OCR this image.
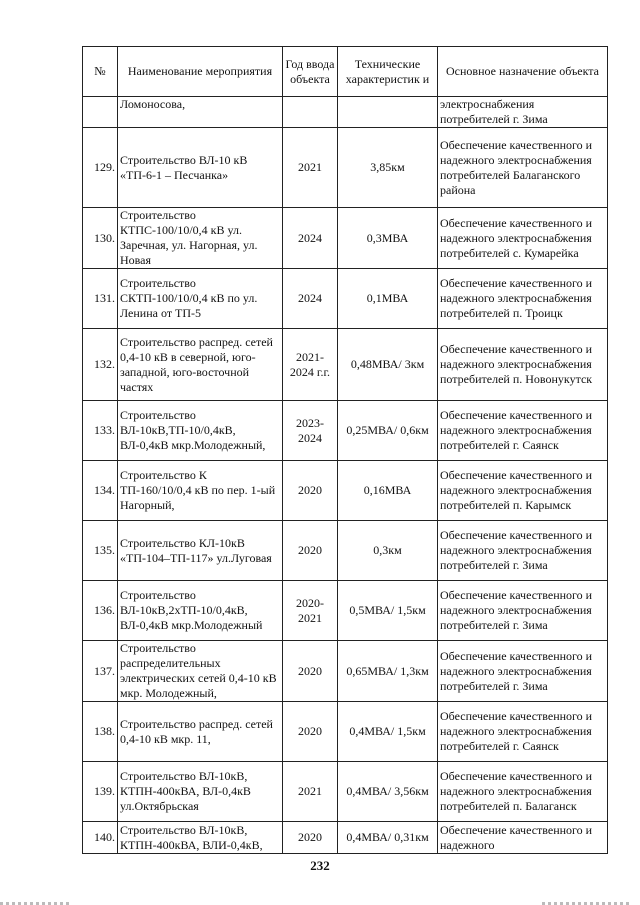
№	Наименование мероприятия	Год ввода объекта	Технические характеристик и	Основное назначение объекта
	Ломоносова,			электроснабжения потребителей г. Зима
129.	Строительство ВЛ-10 кВ «ТП-6-1 – Песчанка»	2021	3,85км	Обеспечение качественного и надежного электроснабжения потребителей Балаганского района
130.	Строительство КТПС-100/10/0,4 кВ ул. Заречная, ул. Нагорная, ул. Новая	2024	0,3МВА	Обеспечение качественного и надежного электроснабжения потребителей с. Кумарейка
131.	Строительство СКТП-100/10/0,4 кВ по ул. Ленина от ТП-5	2024	0,1МВА	Обеспечение качественного и надежного электроснабжения потребителей п. Троицк
132.	Строительство распред. сетей 0,4-10 кВ в северной, юго-западной, юго-восточной частях	2021-2024 г.г.	0,48МВА/ 3км	Обеспечение качественного и надежного электроснабжения потребителей п. Новонукутск
133.	Строительство ВЛ-10кВ,ТП-10/0,4кВ, ВЛ-0,4кВ мкр.Молодежный,	2023-2024	0,25МВА/ 0,6км	Обеспечение качественного и надежного электроснабжения потребителей г. Саянск
134.	Строительство К ТП-160/10/0,4 кВ по пер. 1-ый Нагорный,	2020	0,16МВА	Обеспечение качественного и надежного электроснабжения потребителей п. Карымск
135.	Строительство КЛ-10кВ «ТП-104–ТП-117» ул.Луговая	2020	0,3км	Обеспечение качественного и надежного электроснабжения потребителей г. Зима
136.	Строительство ВЛ-10кВ,2хТП-10/0,4кВ, ВЛ-0,4кВ мкр.Молодежный	2020-2021	0,5МВА/ 1,5км	Обеспечение качественного и надежного электроснабжения потребителей г. Зима
137.	Строительство распределительных электрических сетей 0,4-10 кВ мкр. Молодежный,	2020	0,65МВА/ 1,3км	Обеспечение качественного и надежного электроснабжения потребителей г. Зима
138.	Строительство распред. сетей 0,4-10 кВ мкр. 11,	2020	0,4МВА/ 1,5км	Обеспечение качественного и надежного электроснабжения потребителей г. Саянск
139.	Строительство ВЛ-10кВ, КТПН-400кВА, ВЛ-0,4кВ ул.Октябрьская	2021	0,4МВА/ 3,56км	Обеспечение качественного и надежного электроснабжения потребителей п. Балаганск
140.	Строительство ВЛ-10кВ, КТПН-400кВА, ВЛИ-0,4кВ,	2020	0,4МВА/ 0,31км	Обеспечение качественного и надежного
232
